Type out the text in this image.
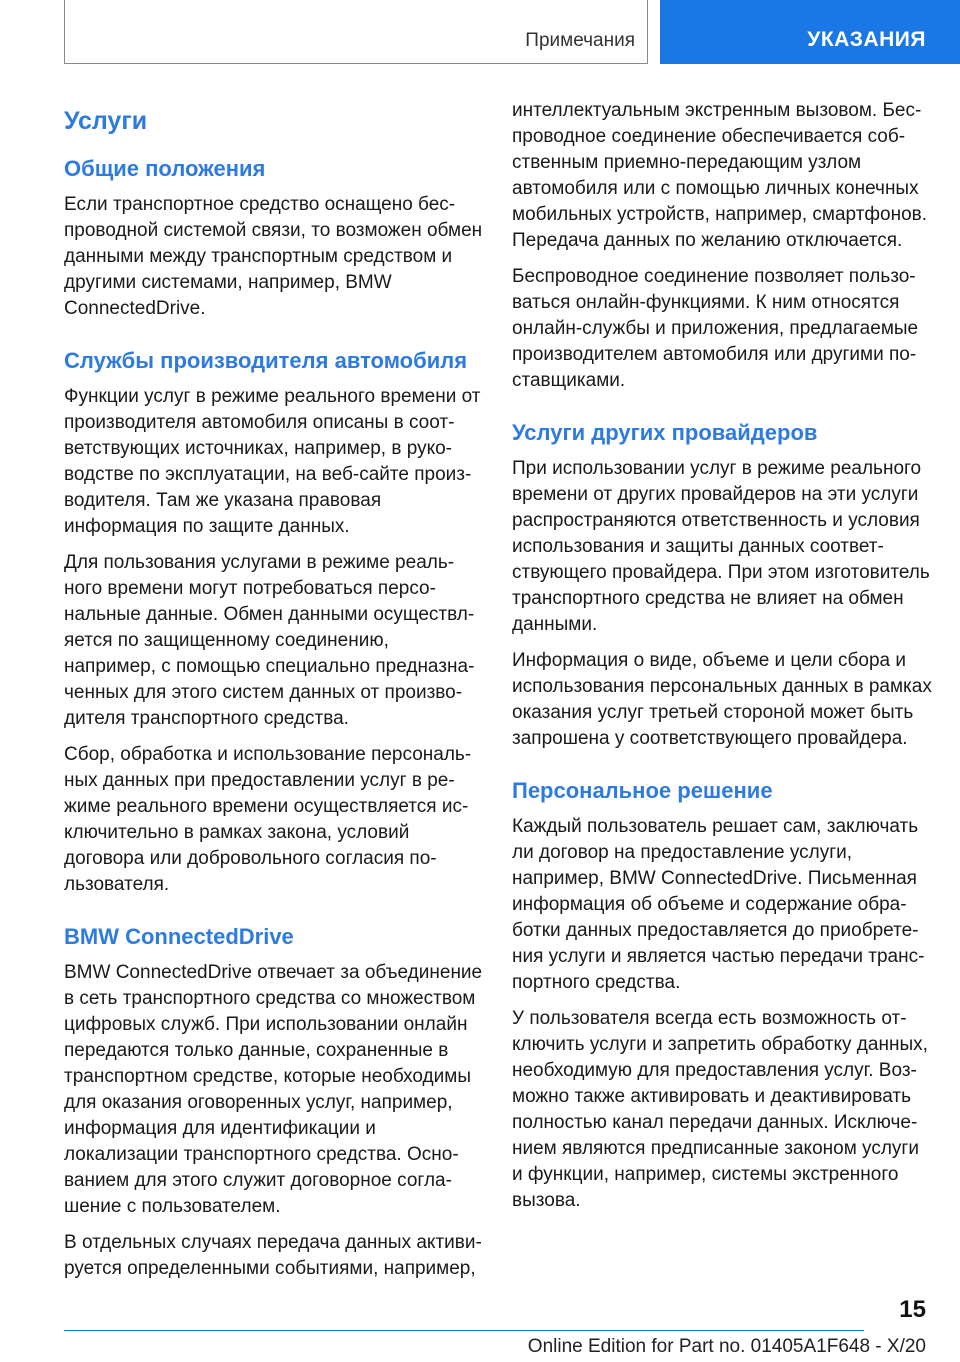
Примечания	УКАЗАНИЯ
Услуги
Общие положения

Если транспортное средство оснащено беспроводной системой связи, то возможен обмен данными между транспортным средством и другими системами, например, BMW ConnectedDrive.

Службы производителя автомобиля

Функции услуг в режиме реального времени от производителя автомобиля описаны в соответствующих источниках, например, в руководстве по эксплуатации, на веб-сайте производителя. Там же указана правовая информация по защите данных.

Для пользования услугами в режиме реального времени могут потребоваться персональные данные. Обмен данными осуществляется по защищенному соединению, например, с помощью специально предназначенных для этого систем данных от производителя транспортного средства.

Сбор, обработка и использование персональных данных при предоставлении услуг в режиме реального времени осуществляется исключительно в рамках закона, условий договора или добровольного согласия пользователя.

BMW ConnectedDrive

BMW ConnectedDrive отвечает за объединение в сеть транспортного средства со множеством цифровых служб. При использовании онлайн передаются только данные, сохраненные в транспортном средстве, которые необходимы для оказания оговоренных услуг, например, информация для идентификации и локализации транспортного средства. Основанием для этого служит договорное соглашение с пользователем.

В отдельных случаях передача данных активируется определенными событиями, например,

интеллектуальным экстренным вызовом. Беспроводное соединение обеспечивается собственным приемно-передающим узлом автомобиля или с помощью личных конечных мобильных устройств, например, смартфонов. Передача данных по желанию отключается.

Беспроводное соединение позволяет пользоваться онлайн-функциями. К ним относятся онлайн-службы и приложения, предлагаемые производителем автомобиля или другими поставщиками.

Услуги других провайдеров

При использовании услуг в режиме реального времени от других провайдеров на эти услуги распространяются ответственность и условия использования и защиты данных соответствующего провайдера. При этом изготовитель транспортного средства не влияет на обмен данными.

Информация о виде, объеме и цели сбора и использования персональных данных в рамках оказания услуг третьей стороной может быть запрошена у соответствующего провайдера.

Персональное решение

Каждый пользователь решает сам, заключать ли договор на предоставление услуги, например, BMW ConnectedDrive. Письменная информация об объеме и содержание обработки данных предоставляется до приобретения услуги и является частью передачи транспортного средства.

У пользователя всегда есть возможность отключить услуги и запретить обработку данных, необходимую для предоставления услуг. Возможно также активировать и деактивировать полностью канал передачи данных. Исключением являются предписанные законом услуги и функции, например, системы экстренного вызова.

15
Online Edition for Part no. 01405A1F648 - X/20
